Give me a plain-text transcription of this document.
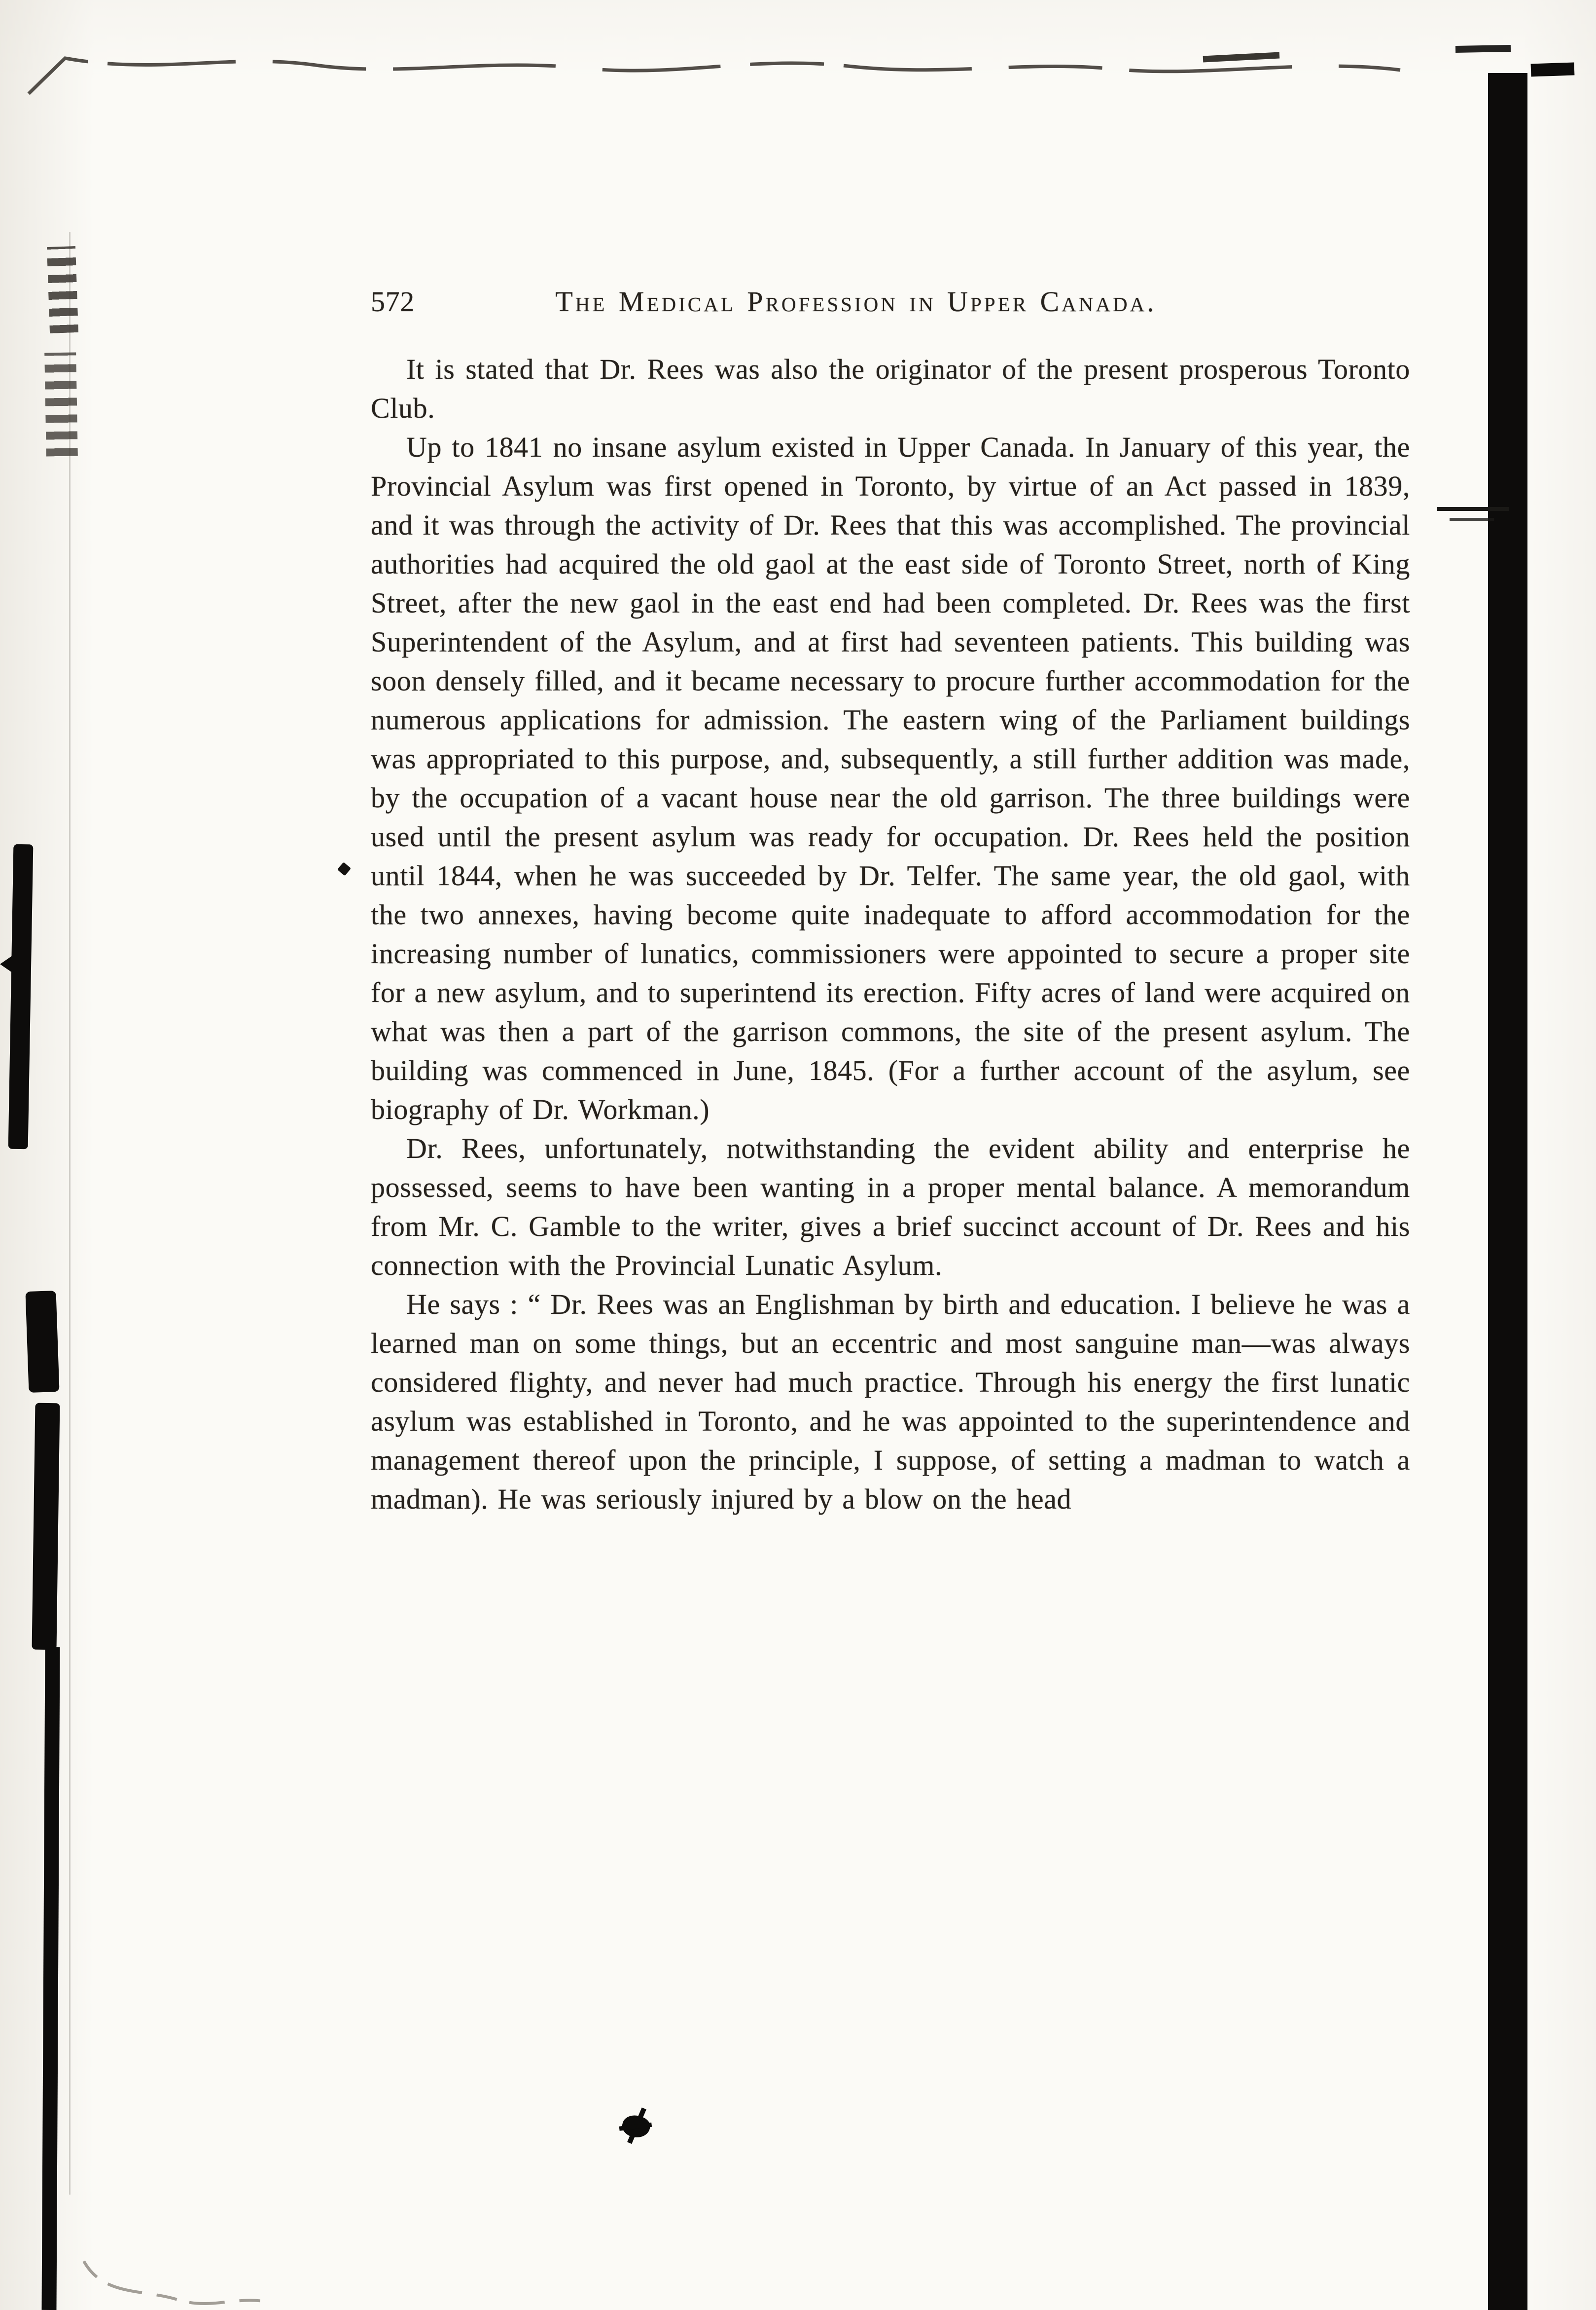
572	The Medical Profession in Upper Canada.

It is stated that Dr. Rees was also the originator of the present prosperous Toronto Club.

Up to 1841 no insane asylum existed in Upper Canada. In January of this year, the Provincial Asylum was first opened in Toronto, by virtue of an Act passed in 1839, and it was through the activity of Dr. Rees that this was accomplished. The provincial authorities had acquired the old gaol at the east side of Toronto Street, north of King Street, after the new gaol in the east end had been completed. Dr. Rees was the first Superintendent of the Asylum, and at first had seventeen patients. This building was soon densely filled, and it became necessary to procure further accommodation for the numerous applications for admission. The eastern wing of the Parliament buildings was appropriated to this purpose, and, subsequently, a still further addition was made, by the occupation of a vacant house near the old garrison. The three buildings were used until the present asylum was ready for occupation. Dr. Rees held the position until 1844, when he was succeeded by Dr. Telfer. The same year, the old gaol, with the two annexes, having become quite inadequate to afford accommodation for the increasing number of lunatics, commissioners were appointed to secure a proper site for a new asylum, and to superintend its erection. Fifty acres of land were acquired on what was then a part of the garrison commons, the site of the present asylum. The building was commenced in June, 1845. (For a further account of the asylum, see biography of Dr. Workman.)

Dr. Rees, unfortunately, notwithstanding the evident ability and enterprise he possessed, seems to have been wanting in a proper mental balance. A memorandum from Mr. C. Gamble to the writer, gives a brief succinct account of Dr. Rees and his connection with the Provincial Lunatic Asylum.

He says : “ Dr. Rees was an Englishman by birth and education. I believe he was a learned man on some things, but an eccentric and most sanguine man—was always considered flighty, and never had much practice. Through his energy the first lunatic asylum was established in Toronto, and he was appointed to the superintendence and management thereof upon the principle, I suppose, of setting a madman to watch a madman). He was seriously injured by a blow on the head
